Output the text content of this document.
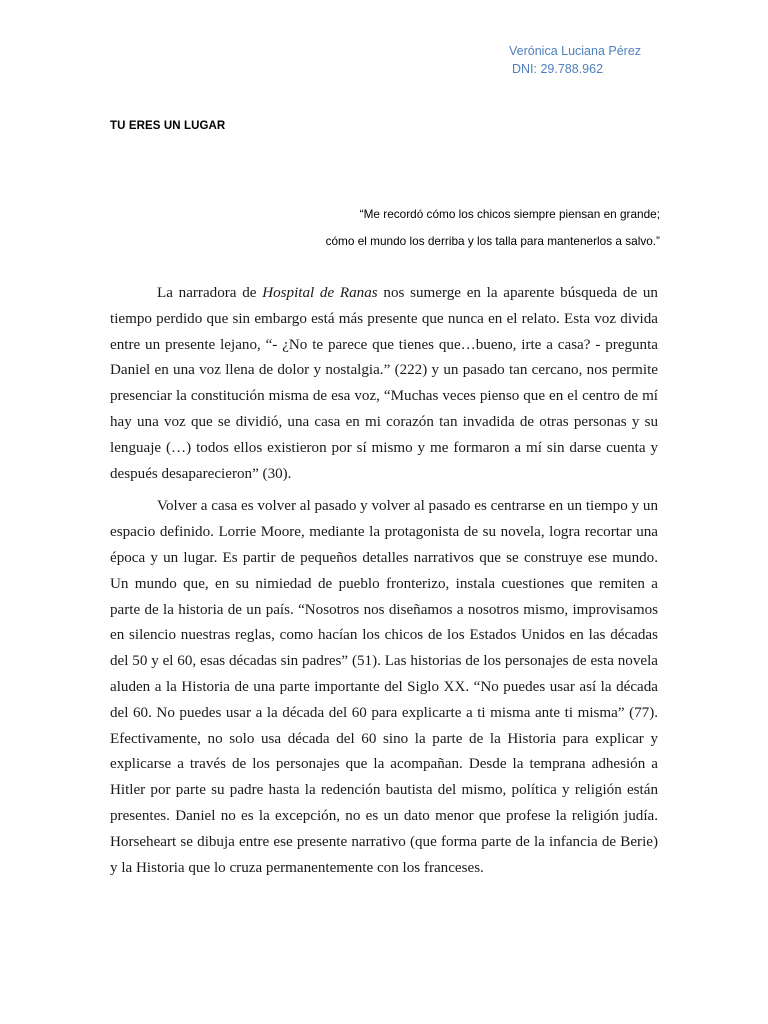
Verónica Luciana Pérez
DNI: 29.788.962
TU ERES UN LUGAR
“Me recordó cómo los chicos siempre piensan en grande;
cómo el mundo los derriba y los talla para mantenerlos a salvo.”

La narradora de Hospital de Ranas nos sumerge en la aparente búsqueda de un tiempo perdido que sin embargo está más presente que nunca en el relato. Esta voz divida entre un presente lejano, “- ¿No te parece que tienes que…bueno, irte a casa? - pregunta Daniel en una voz llena de dolor y nostalgia.” (222) y un pasado tan cercano, nos permite presenciar la constitución misma de esa voz, “Muchas veces pienso que en el centro de mí hay una voz que se dividió, una casa en mi corazón tan invadida de otras personas y su lenguaje (…) todos ellos existieron por sí mismo y me formaron a mí sin darse cuenta y después desaparecieron” (30).

Volver a casa es volver al pasado y volver al pasado es centrarse en un tiempo y un espacio definido. Lorrie Moore, mediante la protagonista de su novela, logra recortar una época y un lugar. Es partir de pequeños detalles narrativos que se construye ese mundo. Un mundo que, en su nimiedad de pueblo fronterizo, instala cuestiones que remiten a parte de la historia de un país. “Nosotros nos diseñamos a nosotros mismo, improvisamos en silencio nuestras reglas, como hacían los chicos de los Estados Unidos en las décadas del 50 y el 60, esas décadas sin padres” (51). Las historias de los personajes de esta novela aluden a la Historia de una parte importante del Siglo XX. “No puedes usar así la década del 60. No puedes usar a la década del 60 para explicarte a ti misma ante ti misma” (77). Efectivamente, no solo usa década del 60 sino la parte de la Historia para explicar y explicarse a través de los personajes que la acompañan. Desde la temprana adhesión a Hitler por parte su padre hasta la redención bautista del mismo, política y religión están presentes. Daniel no es la excepción, no es un dato menor que profese la religión judía. Horseheart se dibuja entre ese presente narrativo (que forma parte de la infancia de Berie) y la Historia que lo cruza permanentemente con los franceses.
